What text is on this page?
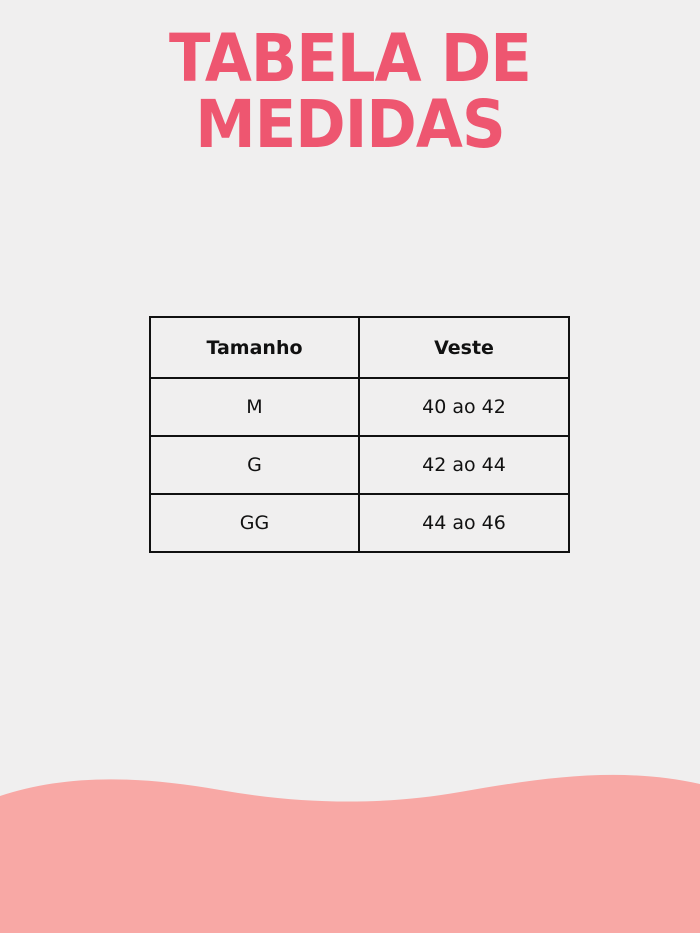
TABELA DE
MEDIDAS
Tamanho	Veste
M	40 ao 42
G	42 ao 44
GG	44 ao 46
